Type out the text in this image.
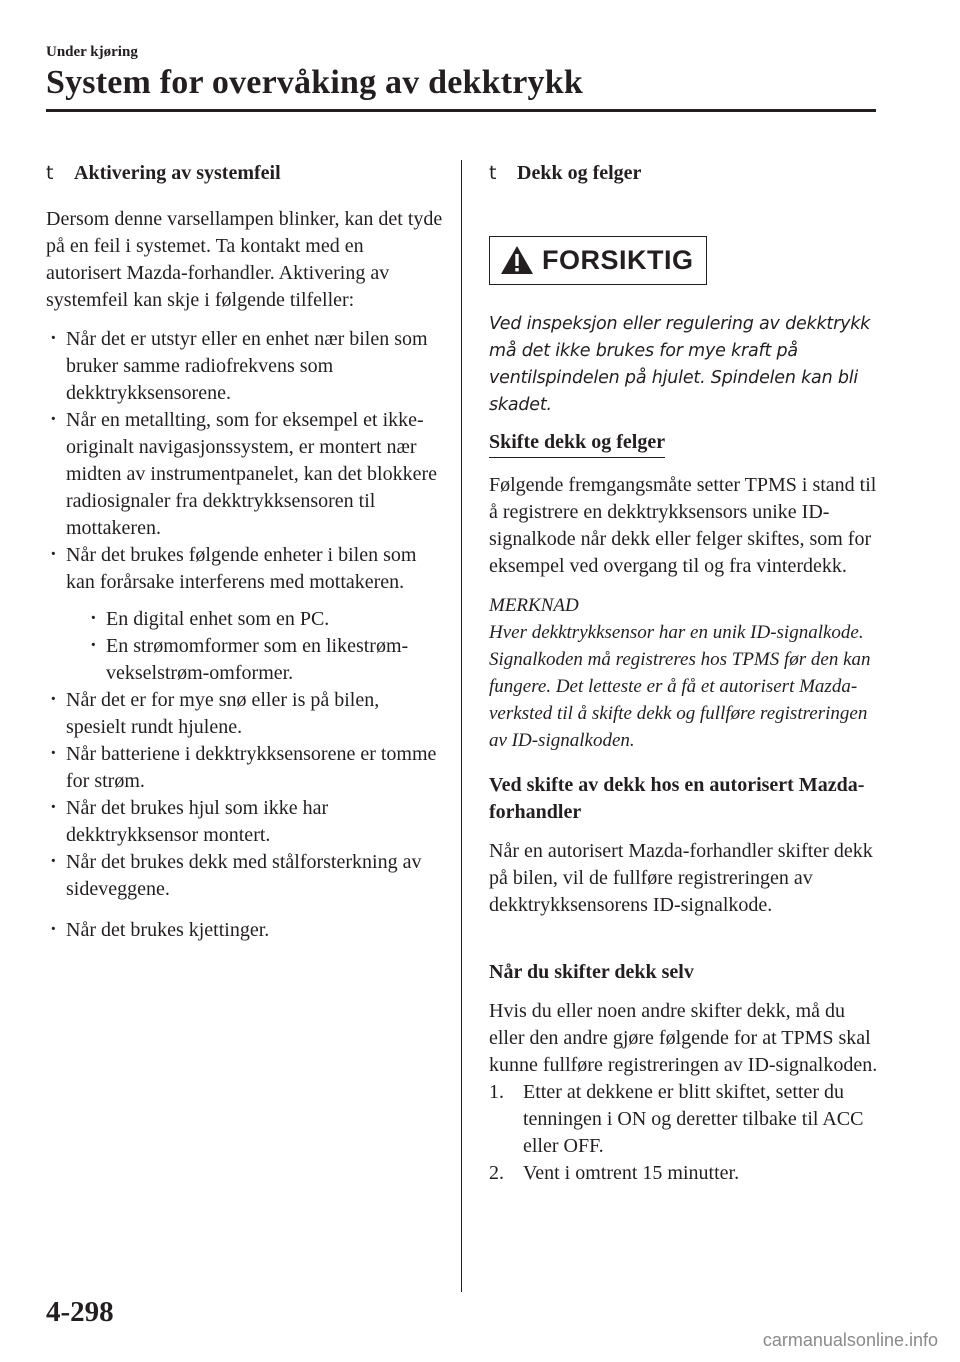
Under kjøring
System for overvåking av dekktrykk
t	Aktivering av systemfeil

Dersom denne varsellampen blinker, kan det tyde på en feil i systemet. Ta kontakt med en autorisert Mazda-forhandler. Aktivering av systemfeil kan skje i følgende tilfeller:

· Når det er utstyr eller en enhet nær bilen som bruker samme radiofrekvens som dekktrykksensorene.
· Når en metallting, som for eksempel et ikke-originalt navigasjonssystem, er montert nær midten av instrumentpanelet, kan det blokkere radiosignaler fra dekktrykksensoren til mottakeren.
· Når det brukes følgende enheter i bilen som kan forårsake interferens med mottakeren.
· En digital enhet som en PC.
· En strømomformer som en likestrøm-vekselstrøm-omformer.
· Når det er for mye snø eller is på bilen, spesielt rundt hjulene.
· Når batteriene i dekktrykksensorene er tomme for strøm.
· Når det brukes hjul som ikke har dekktrykksensor montert.
· Når det brukes dekk med stålforsterkning av sideveggene.
· Når det brukes kjettinger.
t	Dekk og felger
FORSIKTIG

Ved inspeksjon eller regulering av dekktrykk må det ikke brukes for mye kraft på ventilspindelen på hjulet. Spindelen kan bli skadet.

Skifte dekk og felger

Følgende fremgangsmåte setter TPMS i stand til å registrere en dekktrykksensors unike ID-signalkode når dekk eller felger skiftes, som for eksempel ved overgang til og fra vinterdekk.

MERKNAD

Hver dekktrykksensor har en unik ID-signalkode. Signalkoden må registreres hos TPMS før den kan fungere. Det letteste er å få et autorisert Mazda-verksted til å skifte dekk og fullføre registreringen av ID-signalkoden.

Ved skifte av dekk hos en autorisert Mazda-forhandler

Når en autorisert Mazda-forhandler skifter dekk på bilen, vil de fullføre registreringen av dekktrykksensorens ID-signalkode.

Når du skifter dekk selv

Hvis du eller noen andre skifter dekk, må du eller den andre gjøre følgende for at TPMS skal kunne fullføre registreringen av ID-signalkoden.

1. Etter at dekkene er blitt skiftet, setter du tenningen i ON og deretter tilbake til ACC eller OFF.
2. Vent i omtrent 15 minutter.
4-298
carmanualsonline.info
